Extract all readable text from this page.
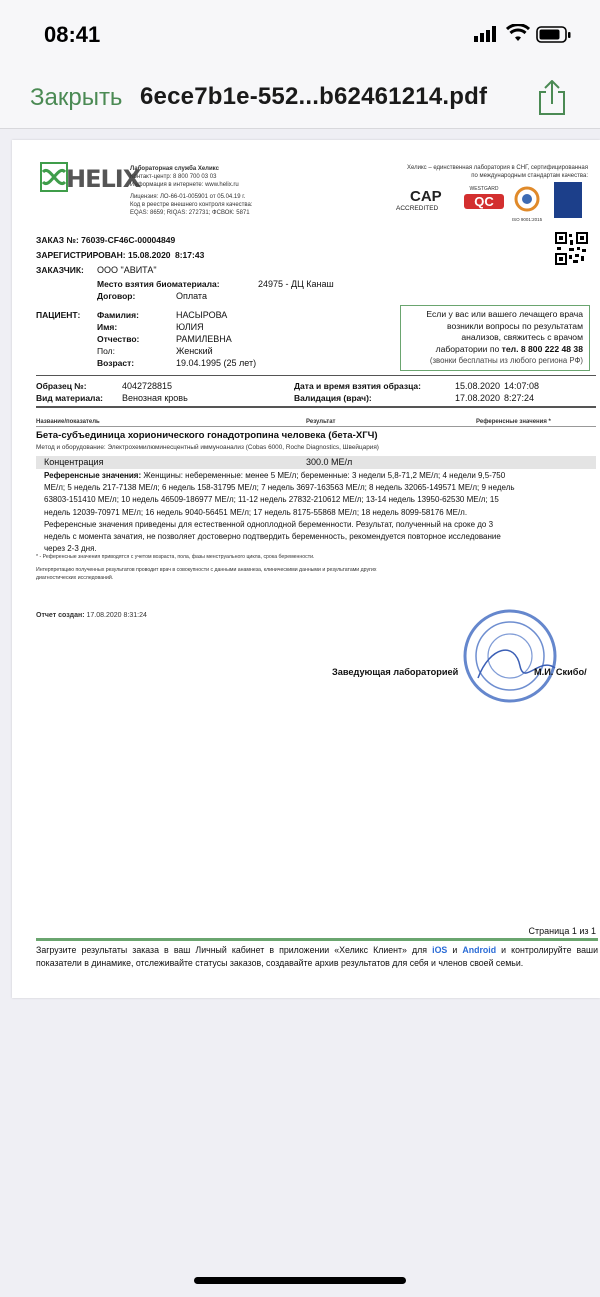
08:41
Закрыть 6ece7b1e-552...b62461214.pdf
HELIX
Лабораторная служба Хеликс
Контакт-центр: 8 800 700 03 03
Информация в интернете: www.helix.ru
Лицензия: ЛО-66-01-005901 от 05.04.19 г.
Код в реестре внешнего контроля качества:
EQAS: 8659; RIQAS: 272731; ФСВОК: 5871
Хеликс – единственная лаборатория в СНГ, сертифицированная
по международным стандартам качества:
CAP
ACCREDITED
WESTGARD
QC
ISO 9001:2015
ЗАКАЗ №: 76039-CF46C-00004849
ЗАРЕГИСТРИРОВАН: 15.08.2020 8:17:43
ЗАКАЗЧИК: ООО "АВИТА"
Место взятия биоматериала:	24975 - ДЦ Канаш
Договор:	Оплата
ПАЦИЕНТ: Фамилия:	НАСЫРОВА
Имя:	ЮЛИЯ
Отчество:	РАМИЛЕВНА
Пол:	Женский
Возраст:	19.04.1995 (25 лет)
Если у вас или вашего лечащего врача
возникли вопросы по результатам
анализов, свяжитесь с врачом
лаборатории по тел. 8 800 222 48 38
(звонки бесплатны из любого региона РФ)
Образец №:	4042728815
Вид материала: Венозная кровь
Дата и время взятия образца:	15.08.2020 14:07:08
Валидация (врач):	17.08.2020 8:27:24
Название/показатель	Результат	Референсные значения *
Бета-субъединица хорионического гонадотропина человека (бета-ХГЧ)
Метод и оборудование: Электрохемилюминесцентный иммуноанализ (Cobas 6000, Roche Diagnostics, Швейцария)
Концентрация	300.0 МЕ/л
Референсные значения: Женщины: небеременные: менее 5 МЕ/л; беременные: 3 недели 5,8-71,2 МЕ/л; 4 недели 9,5-750
МЕ/л; 5 недель 217-7138 МЕ/л; 6 недель 158-31795 МЕ/л; 7 недель 3697-163563 МЕ/л; 8 недель 32065-149571 МЕ/л; 9 недель
63803-151410 МЕ/л; 10 недель 46509-186977 МЕ/л; 11-12 недель 27832-210612 МЕ/л; 13-14 недель 13950-62530 МЕ/л; 15
недель 12039-70971 МЕ/л; 16 недель 9040-56451 МЕ/л; 17 недель 8175-55868 МЕ/л; 18 недель 8099-58176 МЕ/л.
Референсные значения приведены для естественной одноплодной беременности. Результат, полученный на сроке до 3
недель с момента зачатия, не позволяет достоверно подтвердить беременность, рекомендуется повторное исследование
через 2-3 дня.
* - Референсные значения приводятся с учетом возраста, пола, фазы менструального цикла, срока беременности.
Интерпретацию полученных результатов проводит врач в совокупности с данными анамнеза, клиническими данными и результатами других
диагностических исследований.
Отчет создан: 17.08.2020 8:31:24
Заведующая лабораторией	М.И. Скибо/
Страница 1 из 1
Загрузите результаты заказа в ваш Личный кабинет в приложении «Хеликс Клиент» для iOS и Android и контролируйте ваши показатели в динамике, отслеживайте статусы заказов, создавайте архив результатов для себя и членов своей семьи.
